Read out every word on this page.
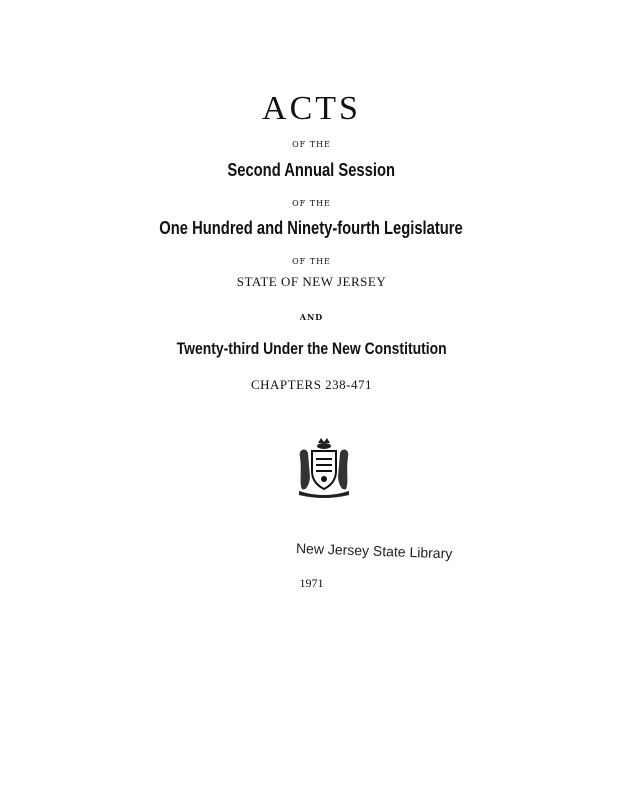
ACTS
OF THE
Second Annual Session
OF THE
One Hundred and Ninety-fourth Legislature
OF THE
STATE OF NEW JERSEY
AND
Twenty-third Under the New Constitution
CHAPTERS 238-471
New Jersey State Library
1971
